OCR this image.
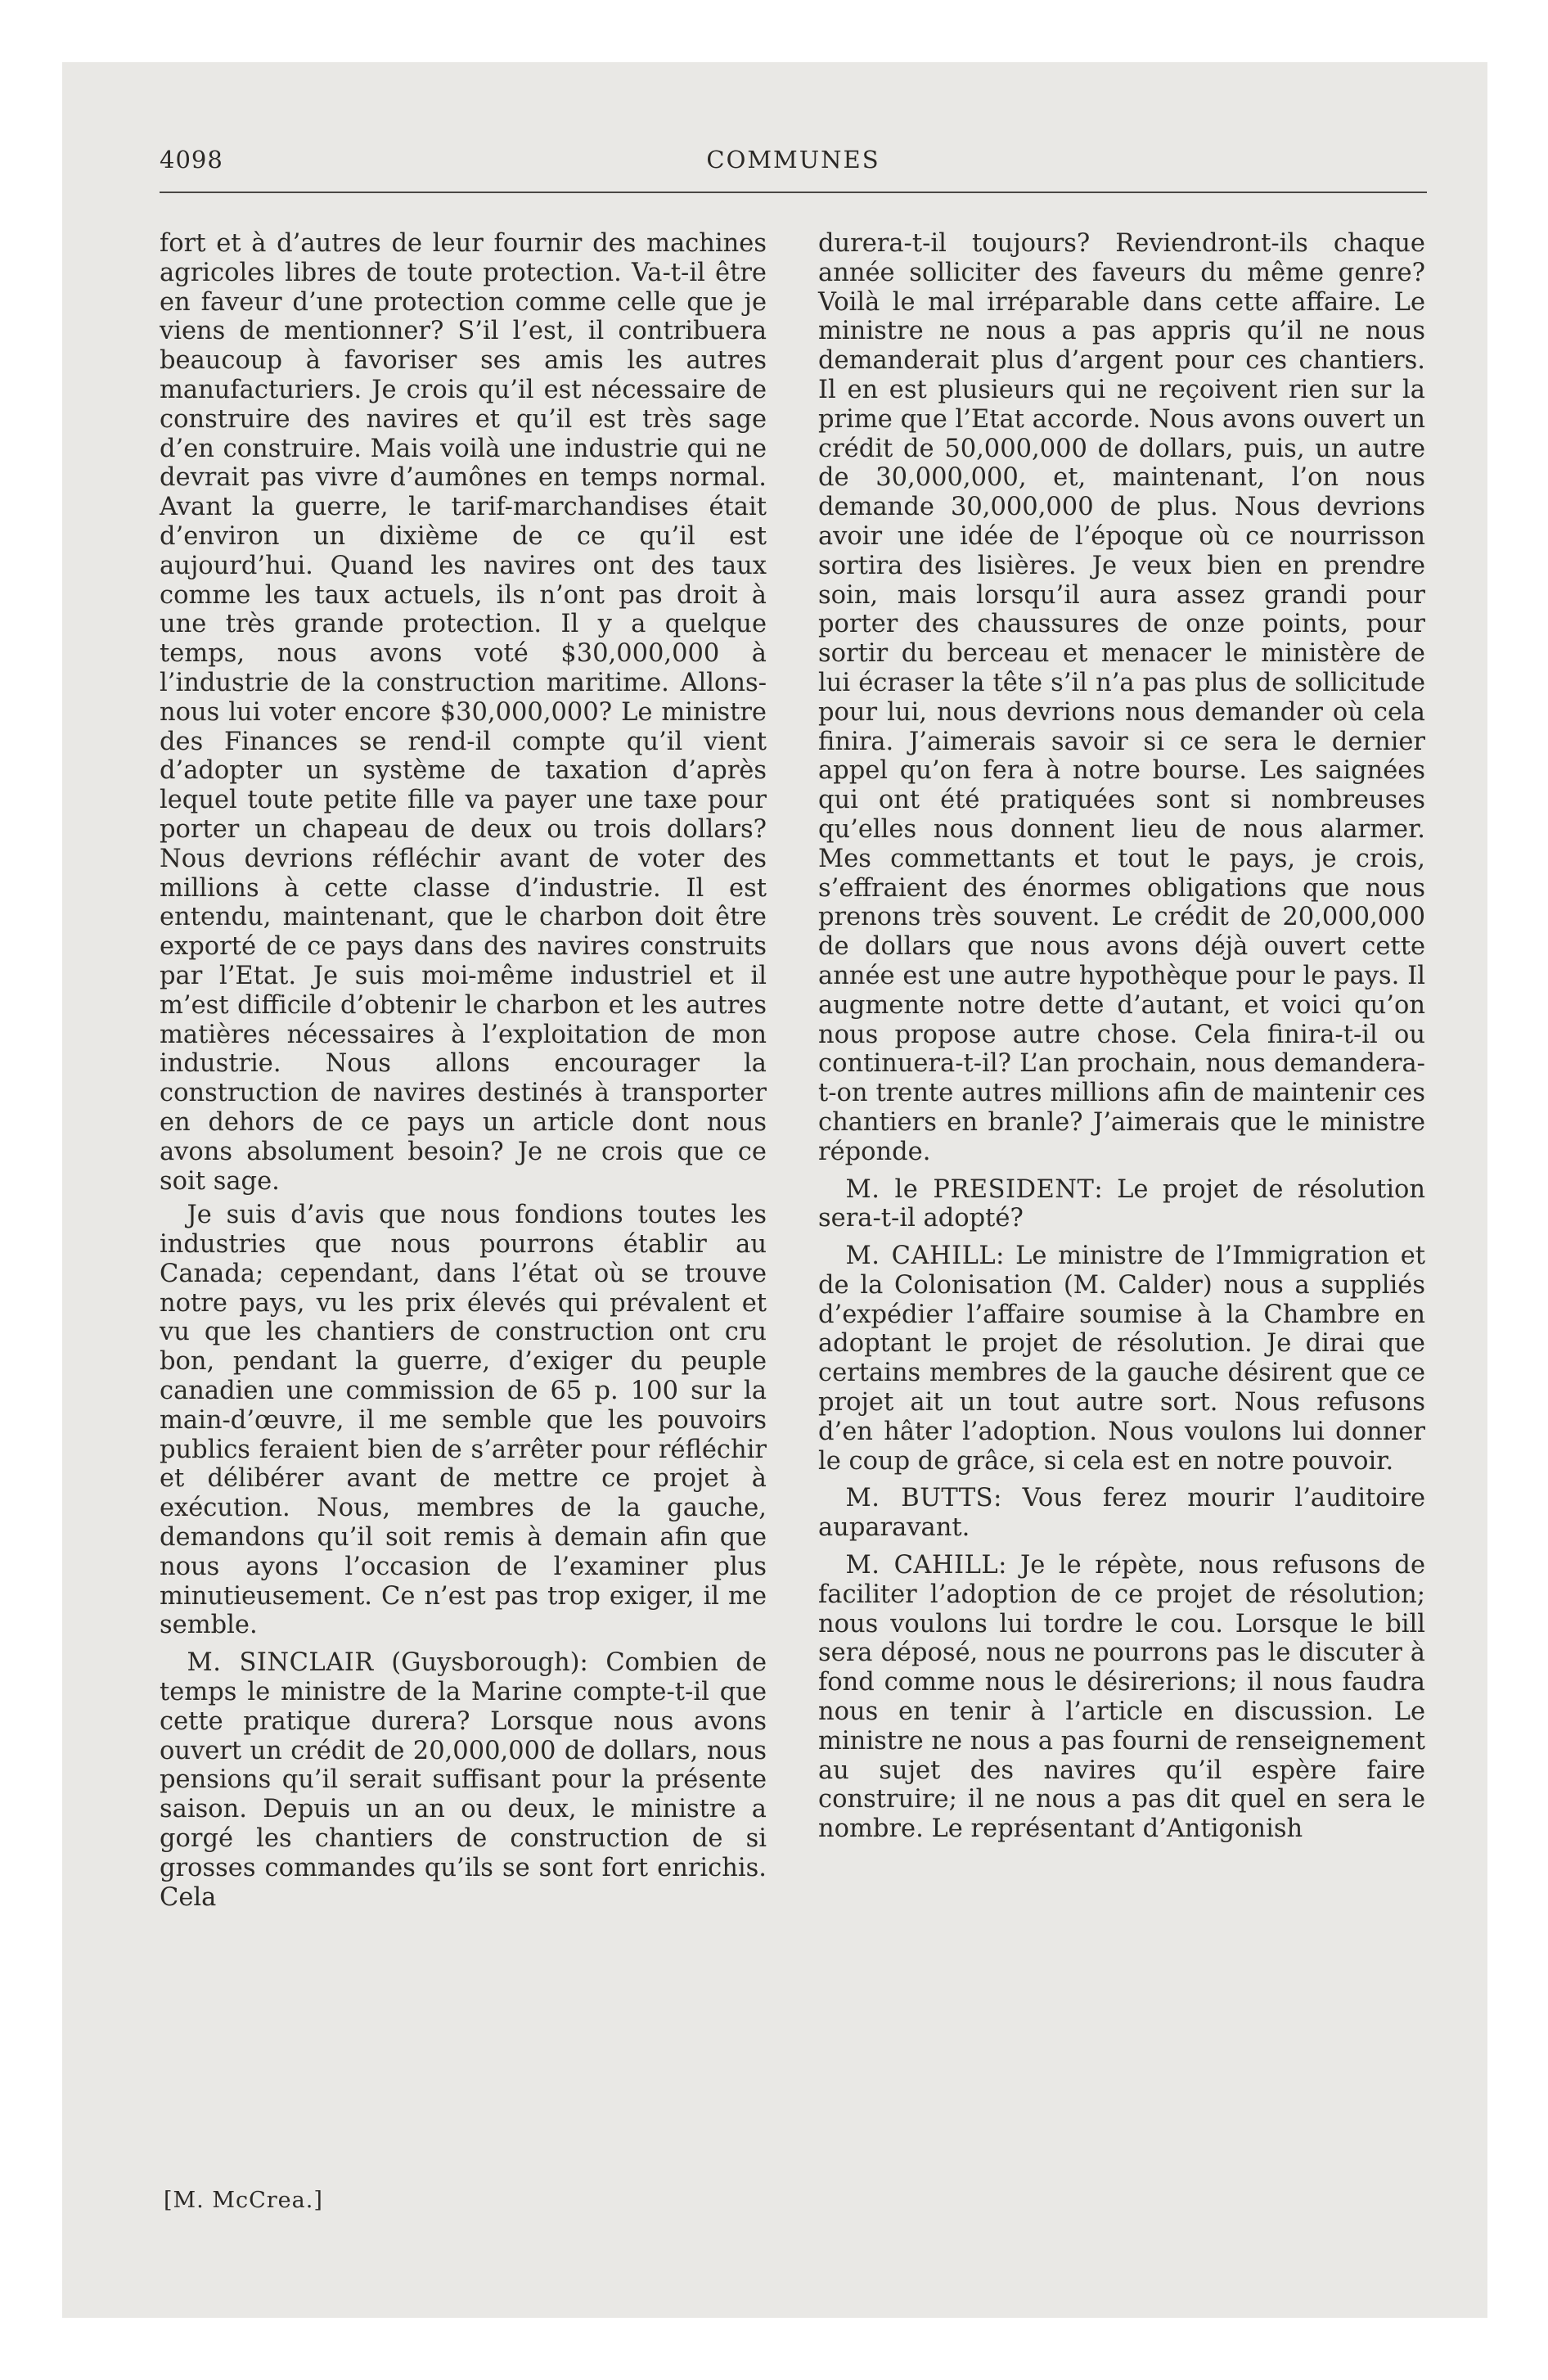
4098	COMMUNES

fort et à d’autres de leur fournir des machines agricoles libres de toute protection. Va-t-il être en faveur d’une protection comme celle que je viens de mentionner? S’il l’est, il contribuera beaucoup à favoriser ses amis les autres manufacturiers. Je crois qu’il est nécessaire de construire des navires et qu’il est très sage d’en construire. Mais voilà une industrie qui ne devrait pas vivre d’aumônes en temps normal. Avant la guerre, le tarif-marchandises était d’environ un dixième de ce qu’il est aujourd’hui. Quand les navires ont des taux comme les taux actuels, ils n’ont pas droit à une très grande protection. Il y a quelque temps, nous avons voté $30,000,000 à l’industrie de la construction maritime. Allons-nous lui voter encore $30,000,000? Le ministre des Finances se rend-il compte qu’il vient d’adopter un système de taxation d’après lequel toute petite fille va payer une taxe pour porter un chapeau de deux ou trois dollars? Nous devrions réfléchir avant de voter des millions à cette classe d’industrie. Il est entendu, maintenant, que le charbon doit être exporté de ce pays dans des navires construits par l’Etat. Je suis moi-même industriel et il m’est difficile d’obtenir le charbon et les autres matières nécessaires à l’exploitation de mon industrie. Nous allons encourager la construction de navires destinés à transporter en dehors de ce pays un article dont nous avons absolument besoin? Je ne crois que ce soit sage.

Je suis d’avis que nous fondions toutes les industries que nous pourrons établir au Canada; cependant, dans l’état où se trouve notre pays, vu les prix élevés qui prévalent et vu que les chantiers de construction ont cru bon, pendant la guerre, d’exiger du peuple canadien une commission de 65 p. 100 sur la main-d’œuvre, il me semble que les pouvoirs publics feraient bien de s’arrêter pour réfléchir et délibérer avant de mettre ce projet à exécution. Nous, membres de la gauche, demandons qu’il soit remis à demain afin que nous ayons l’occasion de l’examiner plus minutieusement. Ce n’est pas trop exiger, il me semble.

M. SINCLAIR (Guysborough): Combien de temps le ministre de la Marine compte-t-il que cette pratique durera? Lorsque nous avons ouvert un crédit de 20,000,000 de dollars, nous pensions qu’il serait suffisant pour la présente saison. Depuis un an ou deux, le ministre a gorgé les chantiers de construction de si grosses commandes qu’ils se sont fort enrichis. Cela

durera-t-il toujours? Reviendront-ils chaque année solliciter des faveurs du même genre? Voilà le mal irréparable dans cette affaire. Le ministre ne nous a pas appris qu’il ne nous demanderait plus d’argent pour ces chantiers. Il en est plusieurs qui ne reçoivent rien sur la prime que l’Etat accorde. Nous avons ouvert un crédit de 50,000,000 de dollars, puis, un autre de 30,000,000, et, maintenant, l’on nous demande 30,000,000 de plus. Nous devrions avoir une idée de l’époque où ce nourrisson sortira des lisières. Je veux bien en prendre soin, mais lorsqu’il aura assez grandi pour porter des chaussures de onze points, pour sortir du berceau et menacer le ministère de lui écraser la tête s’il n’a pas plus de sollicitude pour lui, nous devrions nous demander où cela finira. J’aimerais savoir si ce sera le dernier appel qu’on fera à notre bourse. Les saignées qui ont été pratiquées sont si nombreuses qu’elles nous donnent lieu de nous alarmer. Mes commettants et tout le pays, je crois, s’effraient des énormes obligations que nous prenons très souvent. Le crédit de 20,000,000 de dollars que nous avons déjà ouvert cette année est une autre hypothèque pour le pays. Il augmente notre dette d’autant, et voici qu’on nous propose autre chose. Cela finira-t-il ou continuera-t-il? L’an prochain, nous demandera-t-on trente autres millions afin de maintenir ces chantiers en branle? J’aimerais que le ministre réponde.

M. le PRESIDENT: Le projet de résolution sera-t-il adopté?

M. CAHILL: Le ministre de l’Immigration et de la Colonisation (M. Calder) nous a suppliés d’expédier l’affaire soumise à la Chambre en adoptant le projet de résolution. Je dirai que certains membres de la gauche désirent que ce projet ait un tout autre sort. Nous refusons d’en hâter l’adoption. Nous voulons lui donner le coup de grâce, si cela est en notre pouvoir.

M. BUTTS: Vous ferez mourir l’auditoire auparavant.

M. CAHILL: Je le répète, nous refusons de faciliter l’adoption de ce projet de résolution; nous voulons lui tordre le cou. Lorsque le bill sera déposé, nous ne pourrons pas le discuter à fond comme nous le désirerions; il nous faudra nous en tenir à l’article en discussion. Le ministre ne nous a pas fourni de renseignement au sujet des navires qu’il espère faire construire; il ne nous a pas dit quel en sera le nombre. Le représentant d’Antigonish

[M. McCrea.]
